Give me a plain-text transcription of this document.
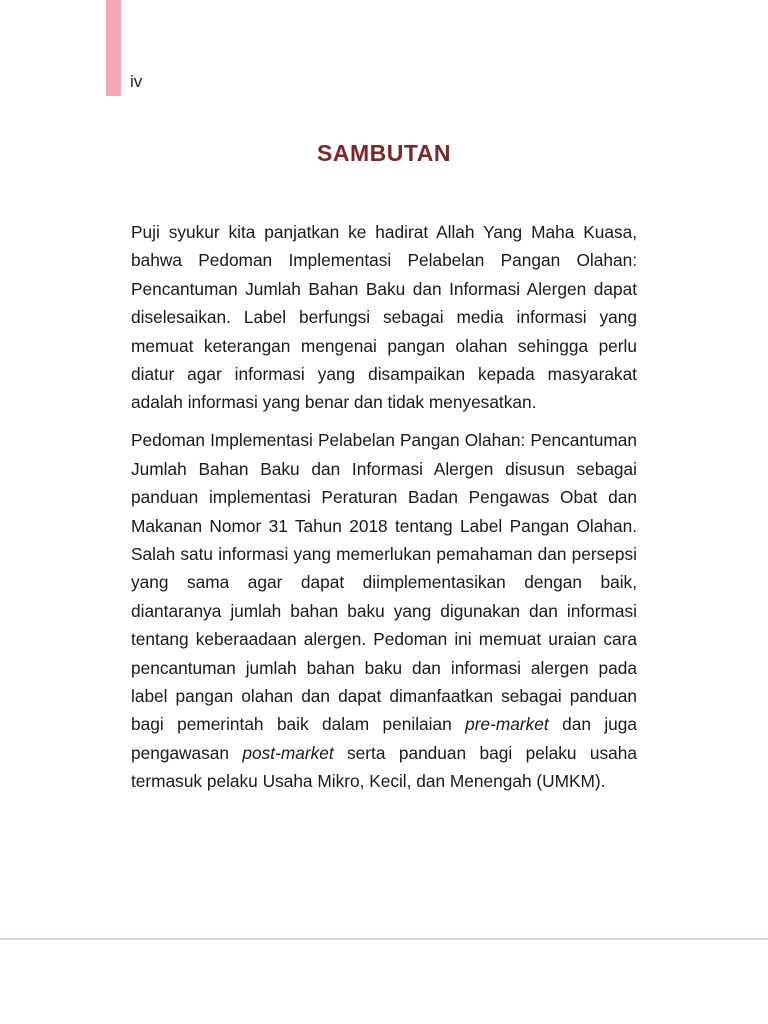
iv
SAMBUTAN

Puji syukur kita panjatkan ke hadirat Allah Yang Maha Kuasa, bahwa Pedoman Implementasi Pelabelan Pangan Olahan: Pencantuman Jumlah Bahan Baku dan Informasi Alergen dapat diselesaikan. Label berfungsi sebagai media informasi yang memuat keterangan mengenai pangan olahan sehingga perlu diatur agar informasi yang disampaikan kepada masyarakat adalah informasi yang benar dan tidak menyesatkan.

Pedoman Implementasi Pelabelan Pangan Olahan: Pencantuman Jumlah Bahan Baku dan Informasi Alergen disusun sebagai panduan implementasi Peraturan Badan Pengawas Obat dan Makanan Nomor 31 Tahun 2018 tentang Label Pangan Olahan. Salah satu informasi yang memerlukan pemahaman dan persepsi yang sama agar dapat diimplementasikan dengan baik, diantaranya jumlah bahan baku yang digunakan dan informasi tentang keberaadaan alergen. Pedoman ini memuat uraian cara pencantuman jumlah bahan baku dan informasi alergen pada label pangan olahan dan dapat dimanfaatkan sebagai panduan bagi pemerintah baik dalam penilaian pre-market dan juga pengawasan post-market serta panduan bagi pelaku usaha termasuk pelaku Usaha Mikro, Kecil, dan Menengah (UMKM).
